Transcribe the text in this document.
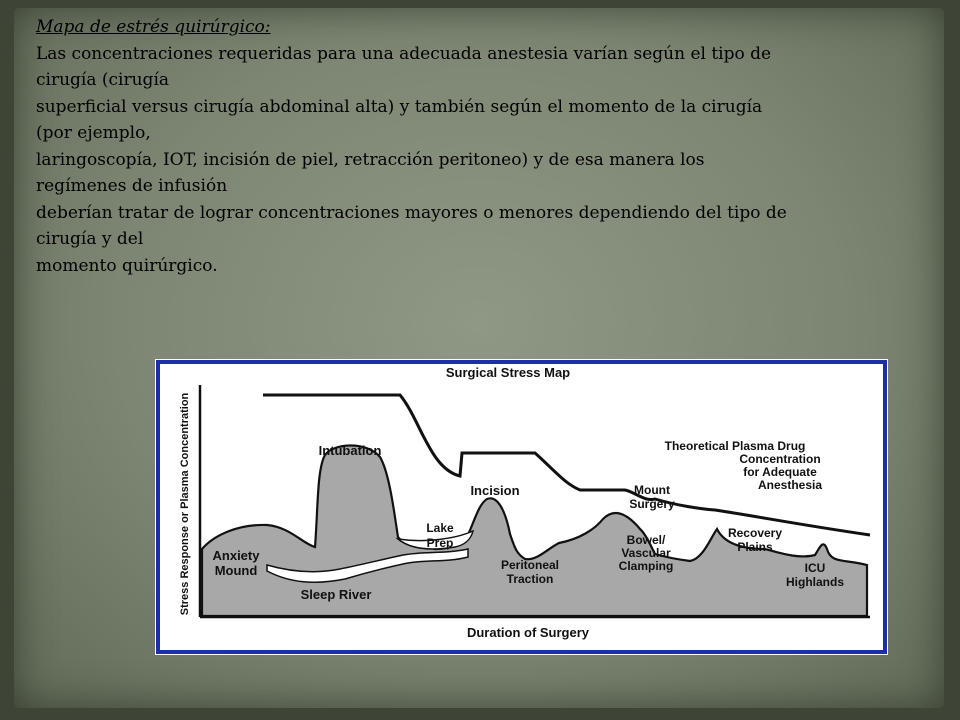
Mapa de estrés quirúrgico:
Las concentraciones requeridas para una adecuada anestesia varían según el tipo de
cirugía (cirugía
superficial versus cirugía abdominal alta) y también según el momento de la cirugía
(por ejemplo,
laringoscopía, IOT, incisión de piel, retracción peritoneo) y de esa manera los
regímenes de infusión
deberían tratar de lograr concentraciones mayores o menores dependiendo del tipo de
cirugía y del
momento quirúrgico.
Surgical Stress Map
Stress Response or Plasma Concentration
Duration of Surgery
Intubation
Anxiety
Mound
Sleep River
Lake
Prep
Incision
Peritoneal
Traction
Mount
Surgery
Bowel/
Vascular
Clamping
Recovery
Plains
ICU
Highlands
Theoretical Plasma Drug
Concentration
for Adequate
Anesthesia
